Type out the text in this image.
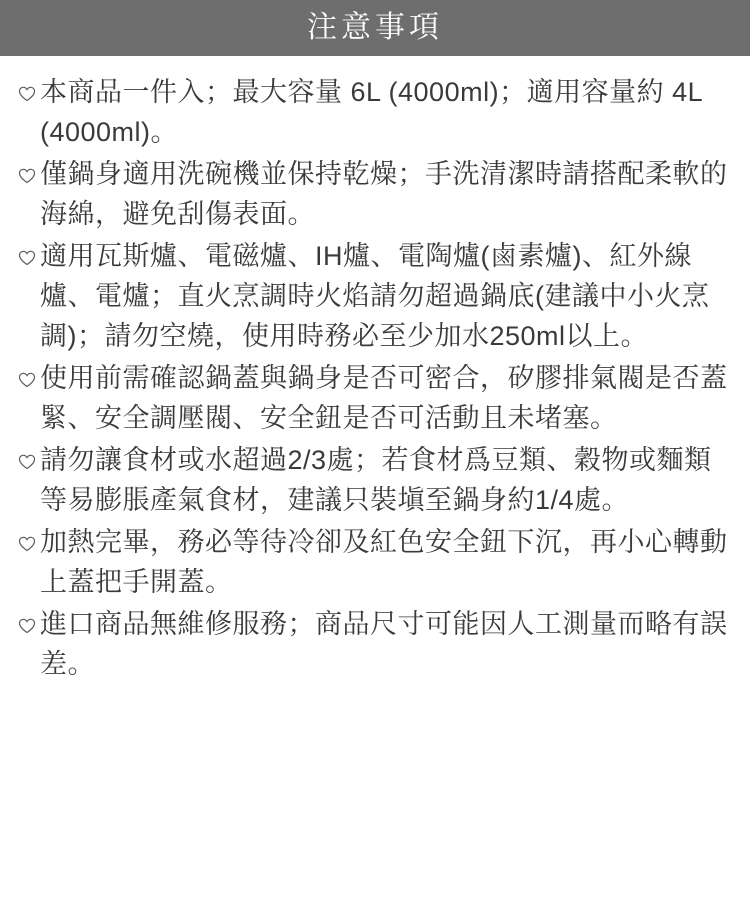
注意事項
本商品一件入；最大容量 6L (4000ml)；適用容量約 4L (4000ml)。
僅鍋身適用洗碗機並保持乾燥；手洗清潔時請搭配柔軟的海綿，避免刮傷表面。
適用瓦斯爐、電磁爐、IH爐、電陶爐(鹵素爐)、紅外線爐、電爐；直火烹調時火焰請勿超過鍋底(建議中小火烹調)；請勿空燒，使用時務必至少加水250ml以上。
使用前需確認鍋蓋與鍋身是否可密合，矽膠排氣閥是否蓋緊、安全調壓閥、安全鈕是否可活動且未堵塞。
請勿讓食材或水超過2/3處；若食材爲豆類、穀物或麵類等易膨脹產氣食材，建議只裝塡至鍋身約1/4處。
加熱完畢，務必等待冷卻及紅色安全鈕下沉，再小心轉動上蓋把手開蓋。
進口商品無維修服務；商品尺寸可能因人工測量而略有誤差。
